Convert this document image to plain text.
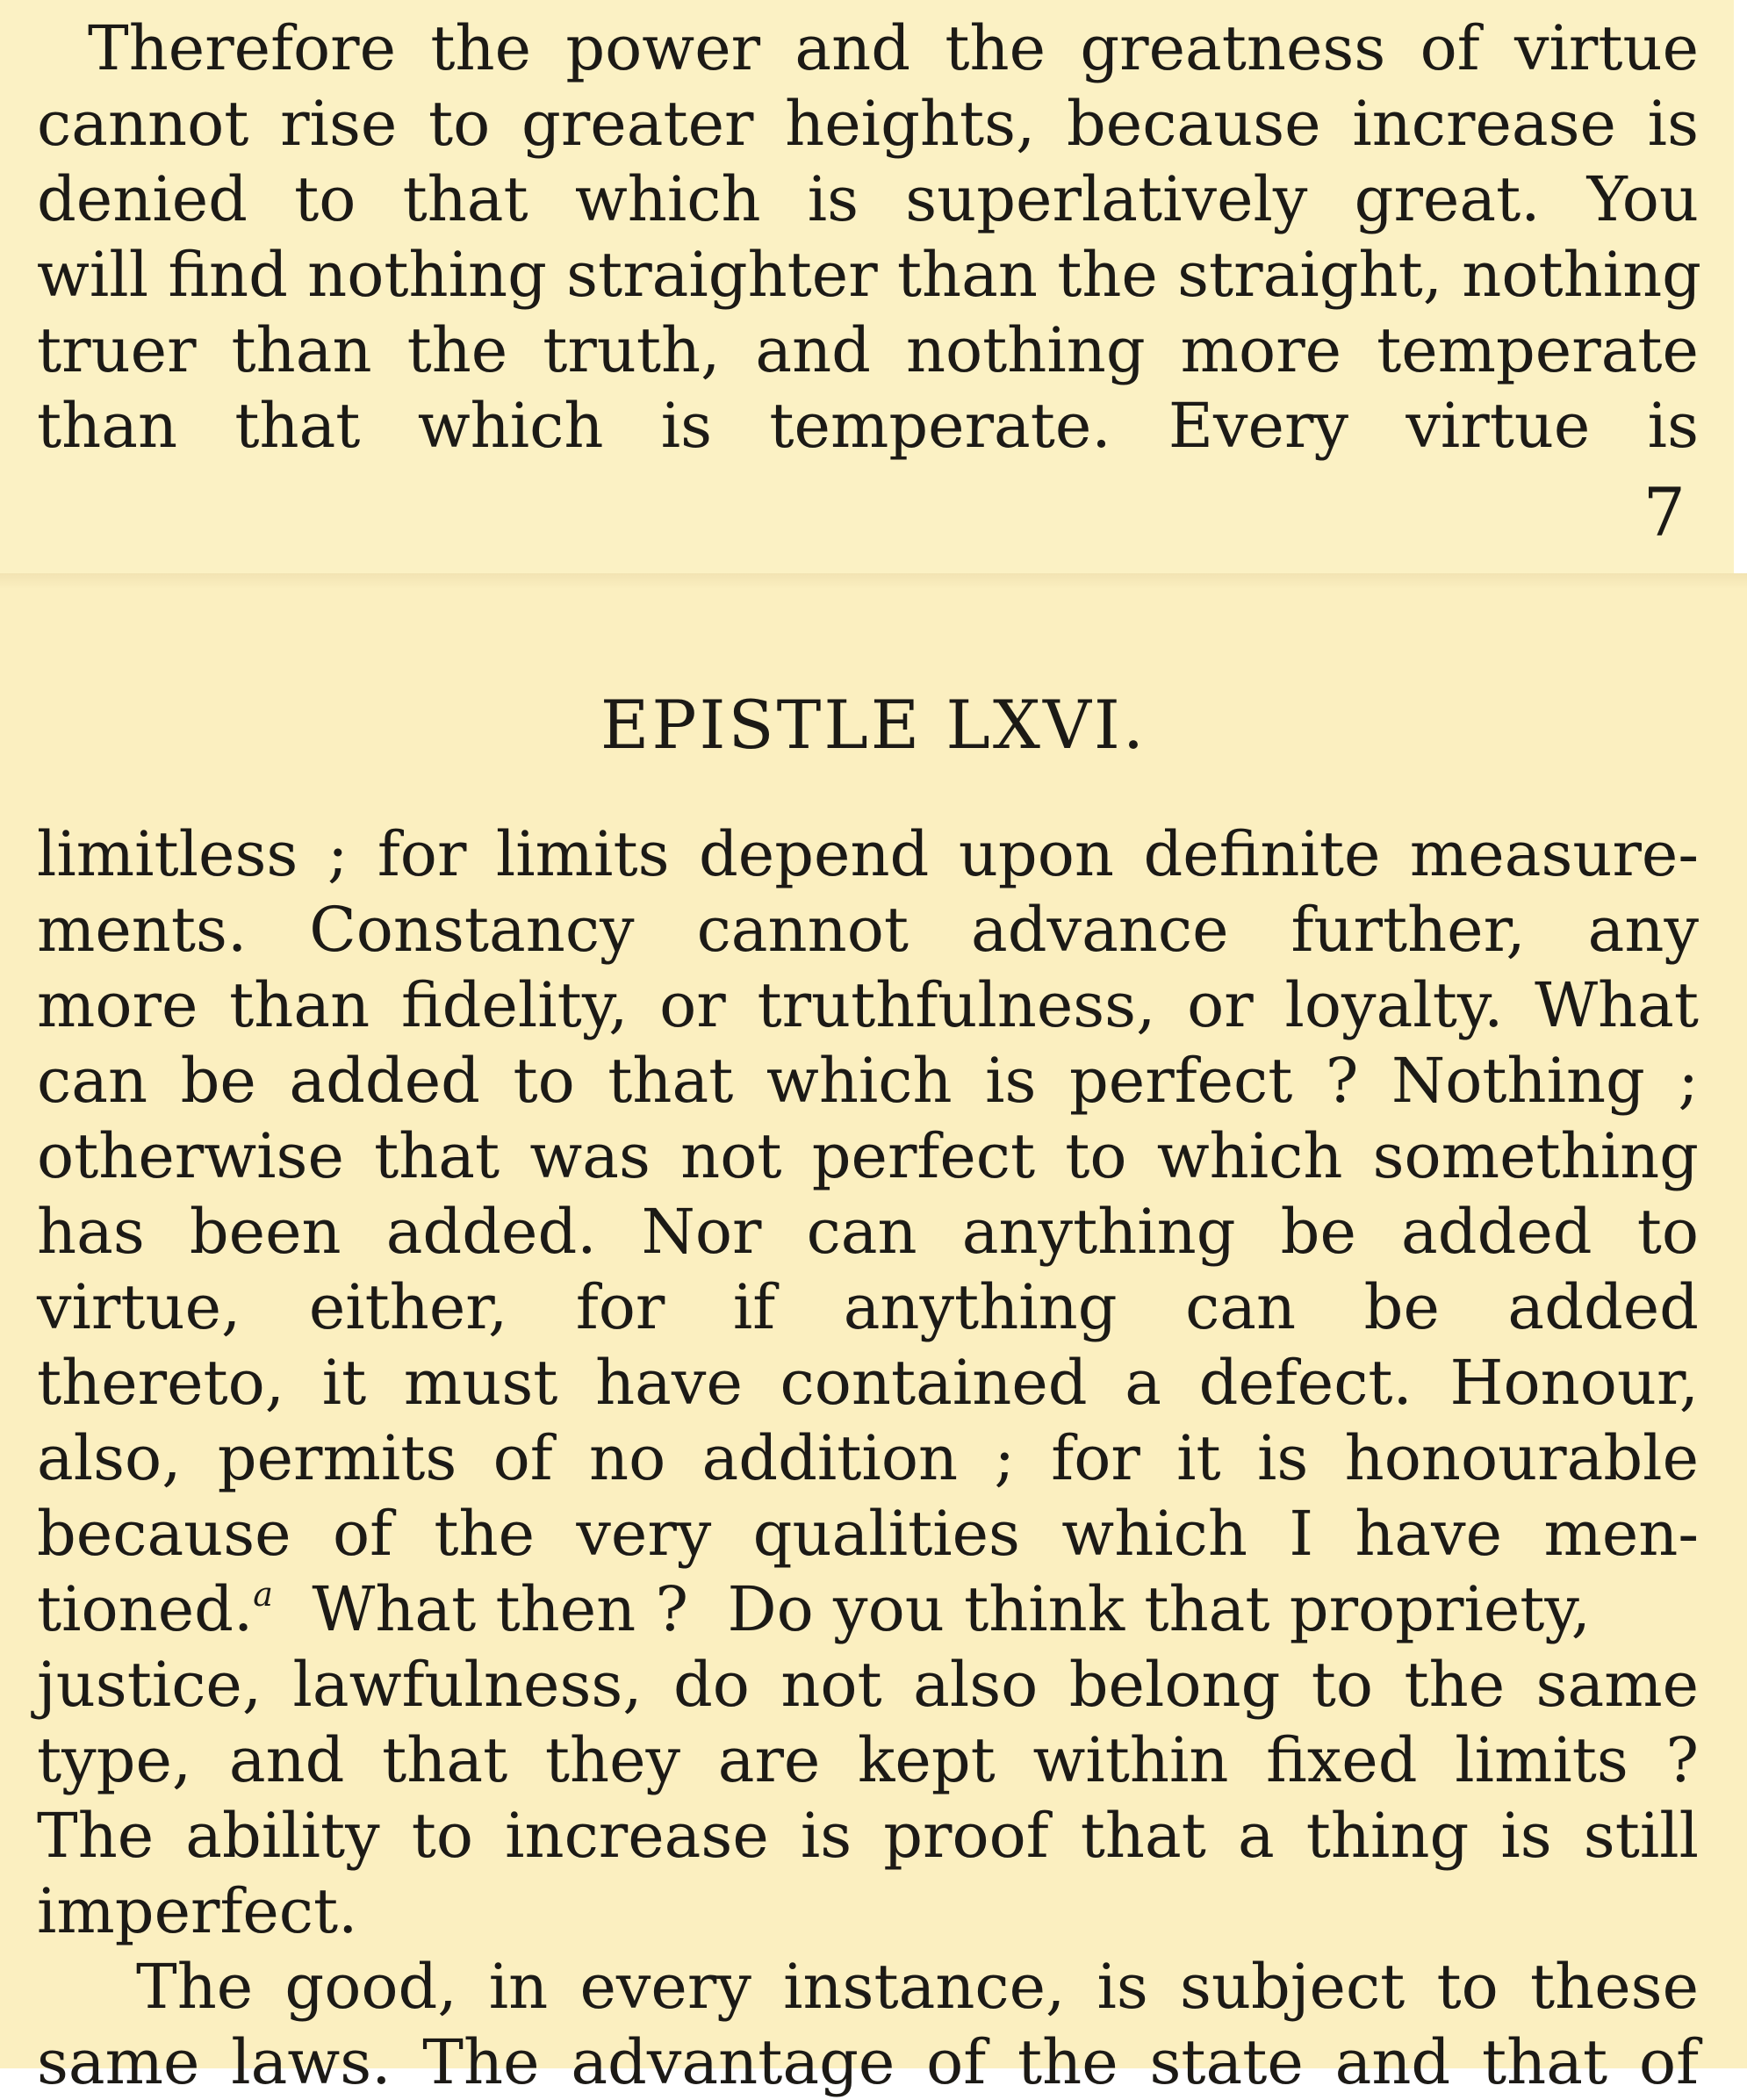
Therefore the power and the greatness of virtue
cannot rise to greater heights, because increase is
denied to that which is superlatively great. You
will find nothing straighter than the straight, nothing
truer than the truth, and nothing more temperate
than that which is temperate. Every virtue is
7
EPISTLE LXVI.
limitless ; for limits depend upon definite measure-
ments. Constancy cannot advance further, any
more than fidelity, or truthfulness, or loyalty. What
can be added to that which is perfect ? Nothing ;
otherwise that was not perfect to which something
has been added. Nor can anything be added to
virtue, either, for if anything can be added
thereto, it must have contained a defect. Honour,
also, permits of no addition ; for it is honourable
because of the very qualities which I have men-
tioned.$^a$  What then ?  Do you think that propriety,
justice, lawfulness, do not also belong to the same
type, and that they are kept within fixed limits ?
The ability to increase is proof that a thing is still
imperfect.
The good, in every instance, is subject to these
same laws. The advantage of the state and that of
